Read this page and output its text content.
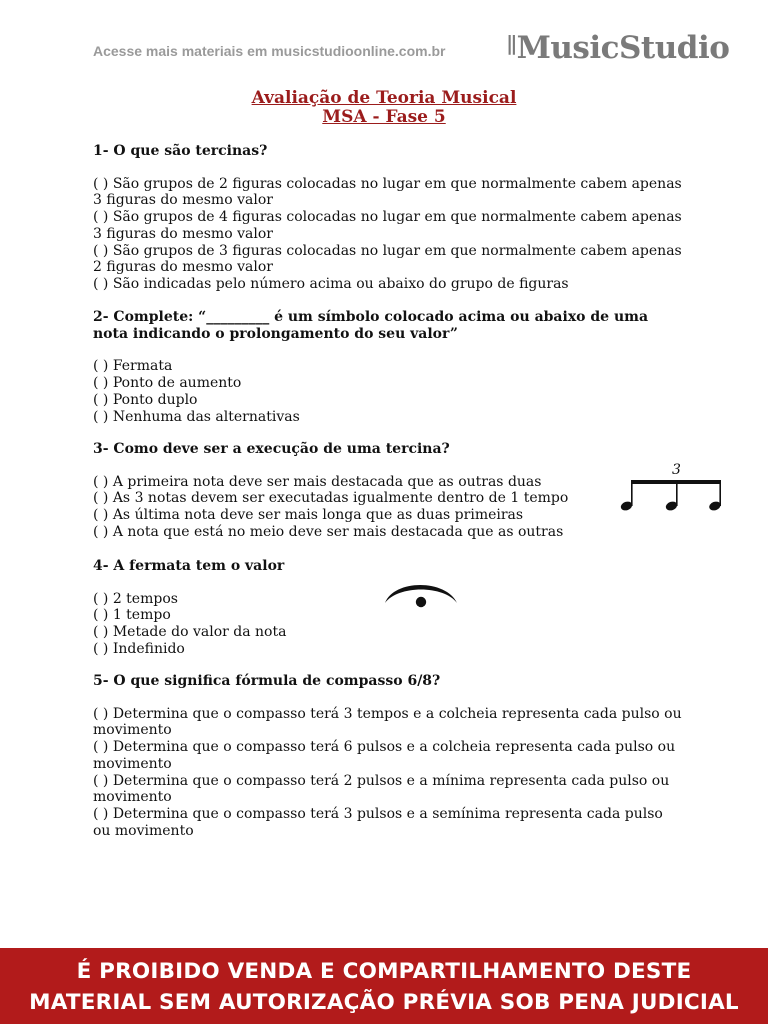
Acesse mais materiais em musicstudioonline.com.br	||MusicStudio
Avaliação de Teoria Musical
MSA - Fase 5
1- O que são tercinas?
( ) São grupos de 2 figuras colocadas no lugar em que normalmente cabem apenas 3 figuras do mesmo valor
( ) São grupos de 4 figuras colocadas no lugar em que normalmente cabem apenas 3 figuras do mesmo valor
( ) São grupos de 3 figuras colocadas no lugar em que normalmente cabem apenas 2 figuras do mesmo valor
( ) São indicadas pelo número acima ou abaixo do grupo de figuras
2- Complete: “_________ é um símbolo colocado acima ou abaixo de uma nota indicando o prolongamento do seu valor”
( ) Fermata
( ) Ponto de aumento
( ) Ponto duplo
( ) Nenhuma das alternativas
3- Como deve ser a execução de uma tercina?
( ) A primeira nota deve ser mais destacada que as outras duas
( ) As 3 notas devem ser executadas igualmente dentro de 1 tempo
( ) As última nota deve ser mais longa que as duas primeiras
( ) A nota que está no meio deve ser mais destacada que as outras
3
4- A fermata tem o valor
( ) 2 tempos
( ) 1 tempo
( ) Metade do valor da nota
( ) Indefinido
5- O que significa fórmula de compasso 6/8?
( ) Determina que o compasso terá 3 tempos e a colcheia representa cada pulso ou movimento
( ) Determina que o compasso terá 6 pulsos e a colcheia representa cada pulso ou movimento
( ) Determina que o compasso terá 2 pulsos e a mínima representa cada pulso ou movimento
( ) Determina que o compasso terá 3 pulsos e a semínima representa cada pulso ou movimento
É PROIBIDO VENDA E COMPARTILHAMENTO DESTE
MATERIAL SEM AUTORIZAÇÃO PRÉVIA SOB PENA JUDICIAL
